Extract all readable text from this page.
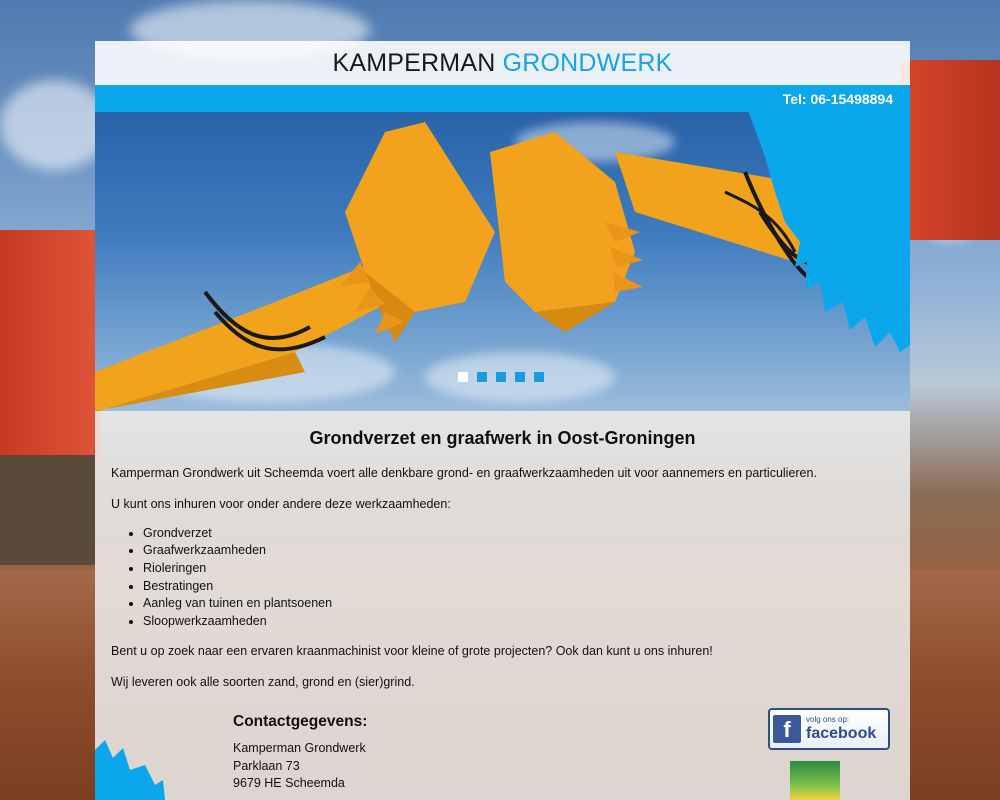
KAMPERMAN GRONDWERK
Tel: 06-15498894
Grondverzet en graafwerk in Oost-Groningen

Kamperman Grondwerk uit Scheemda voert alle denkbare grond- en graafwerkzaamheden uit voor aannemers en particulieren.

U kunt ons inhuren voor onder andere deze werkzaamheden:

• Grondverzet
• Graafwerkzaamheden
• Rioleringen
• Bestratingen
• Aanleg van tuinen en plantsoenen
• Sloopwerkzaamheden

Bent u op zoek naar een ervaren kraanmachinist voor kleine of grote projecten? Ook dan kunt u ons inhuren!

Wij leveren ook alle soorten zand, grond en (sier)grind.

Contactgegevens:
Kamperman Grondwerk
Parklaan 73
9679 HE Scheemda
f	volg ons op:
facebook
